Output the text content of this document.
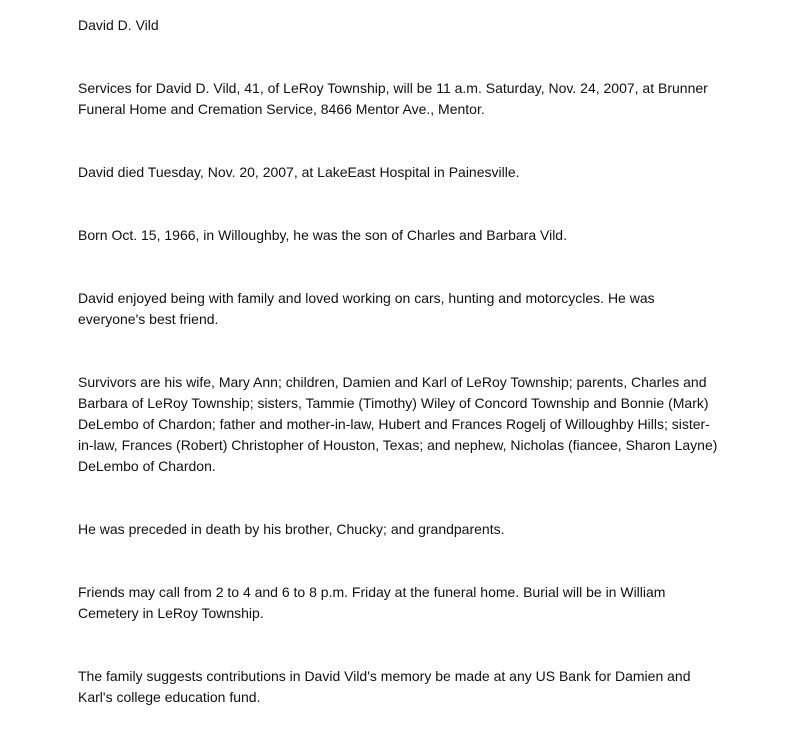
David D. Vild

Services for David D. Vild, 41, of LeRoy Township, will be 11 a.m. Saturday, Nov. 24, 2007, at Brunner Funeral Home and Cremation Service, 8466 Mentor Ave., Mentor.

David died Tuesday, Nov. 20, 2007, at LakeEast Hospital in Painesville.

Born Oct. 15, 1966, in Willoughby, he was the son of Charles and Barbara Vild.

David enjoyed being with family and loved working on cars, hunting and motorcycles. He was everyone's best friend.

Survivors are his wife, Mary Ann; children, Damien and Karl of LeRoy Township; parents, Charles and Barbara of LeRoy Township; sisters, Tammie (Timothy) Wiley of Concord Township and Bonnie (Mark) DeLembo of Chardon; father and mother-in-law, Hubert and Frances Rogelj of Willoughby Hills; sister-in-law, Frances (Robert) Christopher of Houston, Texas; and nephew, Nicholas (fiancee, Sharon Layne) DeLembo of Chardon.

He was preceded in death by his brother, Chucky; and grandparents.

Friends may call from 2 to 4 and 6 to 8 p.m. Friday at the funeral home. Burial will be in William Cemetery in LeRoy Township.

The family suggests contributions in David Vild's memory be made at any US Bank for Damien and Karl's college education fund.
